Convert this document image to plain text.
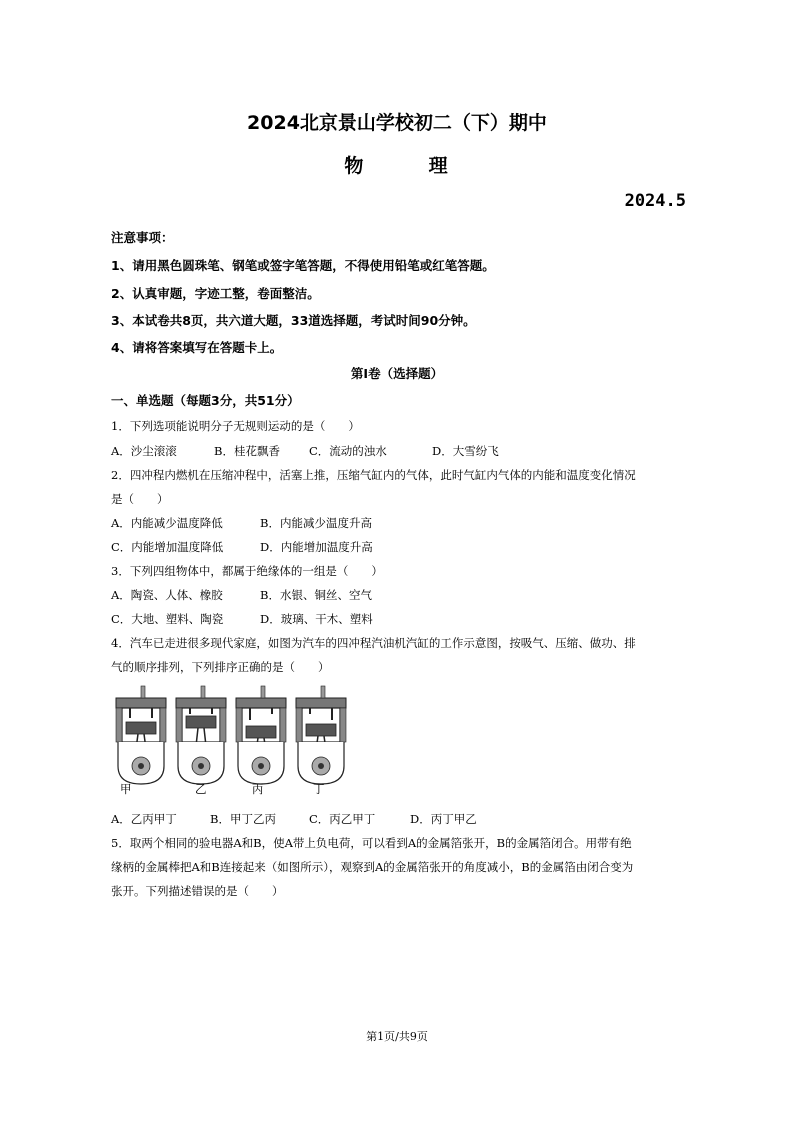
2024北京景山学校初二（下）期中
物	理
2024.5
注意事项：
1、请用黑色圆珠笔、钢笔或签字笔答题，不得使用铅笔或红笔答题。
2、认真审题，字迹工整，卷面整洁。
3、本试卷共8页，共六道大题，33道选择题，考试时间90分钟。
4、请将答案填写在答题卡上。
第I卷（选择题）
一、单选题（每题3分，共51分）
1．下列选项能说明分子无规则运动的是（　　）
A．沙尘滚滚	B．桂花飘香	C．流动的浊水	D．大雪纷飞
2．四冲程内燃机在压缩冲程中，活塞上推，压缩气缸内的气体，此时气缸内气体的内能和温度变化情况
是（　　）
A．内能减少温度降低	B．内能减少温度升高
C．内能增加温度降低	D．内能增加温度升高
3．下列四组物体中，都属于绝缘体的一组是（　　）
A．陶瓷、人体、橡胶	B．水银、铜丝、空气
C．大地、塑料、陶瓷	D．玻璃、干木、塑料
4．汽车已走进很多现代家庭，如图为汽车的四冲程汽油机汽缸的工作示意图，按吸气、压缩、做功、排
气的顺序排列，下列排序正确的是（　　）
甲	乙	丙	丁
A．乙丙甲丁	B．甲丁乙丙	C．丙乙甲丁	D．丙丁甲乙
5．取两个相同的验电器A和B，使A带上负电荷，可以看到A的金属箔张开，B的金属箔闭合。用带有绝
缘柄的金属棒把A和B连接起来（如图所示），观察到A的金属箔张开的角度减小，B的金属箔由闭合变为
张开。下列描述错误的是（　　）
第1页/共9页
